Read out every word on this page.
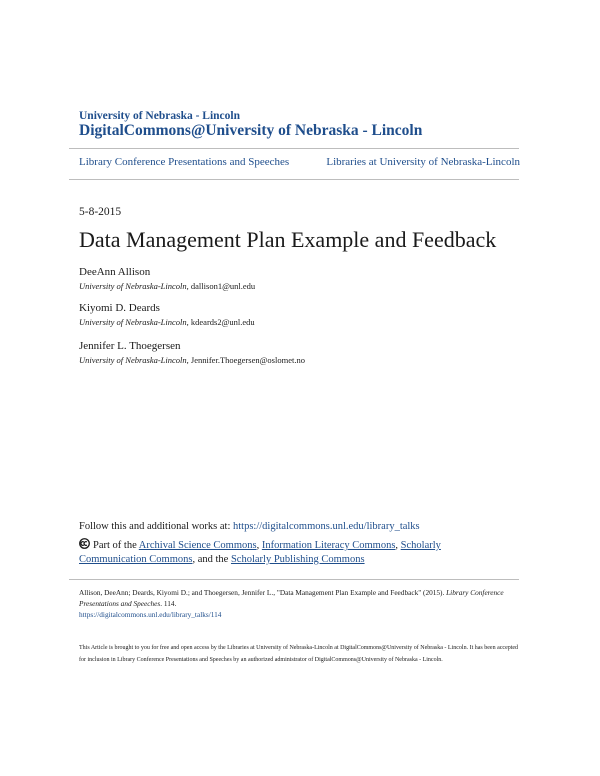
University of Nebraska - Lincoln
DigitalCommons@University of Nebraska - Lincoln
Library Conference Presentations and Speeches	Libraries at University of Nebraska-Lincoln
5-8-2015
Data Management Plan Example and Feedback
DeeAnn Allison
University of Nebraska-Lincoln, dallison1@unl.edu
Kiyomi D. Deards
University of Nebraska-Lincoln, kdeards2@unl.edu
Jennifer L. Thoegersen
University of Nebraska-Lincoln, Jennifer.Thoegersen@oslomet.no
Follow this and additional works at: https://digitalcommons.unl.edu/library_talks
Part of the Archival Science Commons, Information Literacy Commons, Scholarly Communication Commons, and the Scholarly Publishing Commons
Allison, DeeAnn; Deards, Kiyomi D.; and Thoegersen, Jennifer L., "Data Management Plan Example and Feedback" (2015). Library Conference Presentations and Speeches. 114.
https://digitalcommons.unl.edu/library_talks/114
This Article is brought to you for free and open access by the Libraries at University of Nebraska-Lincoln at DigitalCommons@University of Nebraska - Lincoln. It has been accepted for inclusion in Library Conference Presentations and Speeches by an authorized administrator of DigitalCommons@University of Nebraska - Lincoln.
